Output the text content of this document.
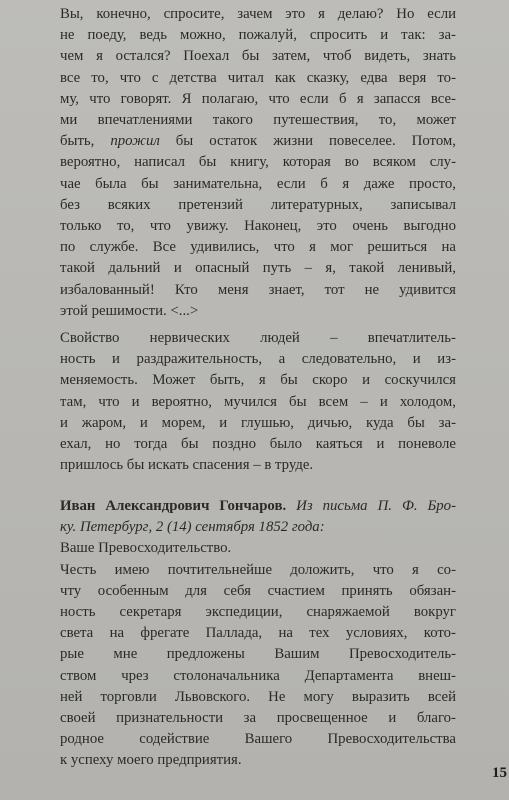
Вы, конечно, спросите, зачем это я делаю? Но если
не поеду, ведь можно, пожалуй, спросить и так: за-
чем я остался? Поехал бы затем, чтоб видеть, знать
все то, что с детства читал как сказку, едва веря то-
му, что говорят. Я полагаю, что если б я запасся все-
ми впечатлениями такого путешествия, то, может
быть, прожил бы остаток жизни повеселее. Потом,
вероятно, написал бы книгу, которая во всяком слу-
чае была бы занимательна, если б я даже просто,
без всяких претензий литературных, записывал
только то, что увижу. Наконец, это очень выгодно
по службе. Все удивились, что я мог решиться на
такой дальний и опасный путь – я, такой ленивый,
избалованный! Кто меня знает, тот не удивится
этой решимости. <...>
Свойство нервических людей – впечатлитель-
ность и раздражительность, а следовательно, и из-
меняемость. Может быть, я бы скоро и соскучился
там, что и вероятно, мучился бы всем – и холодом,
и жаром, и морем, и глушью, дичью, куда бы за-
ехал, но тогда бы поздно было каяться и поневоле
пришлось бы искать спасения – в труде.
Иван Александрович Гончаров. Из письма П. Ф. Бро-
ку. Петербург, 2 (14) сентября 1852 года:
Ваше Превосходительство.
Честь имею почтительнейше доложить, что я со-
чту особенным для себя счастием принять обязан-
ность секретаря экспедиции, снаряжаемой вокруг
света на фрегате Паллада, на тех условиях, кото-
рые мне предложены Вашим Превосходитель-
ством чрез столоначальника Департамента внеш-
ней торговли Львовского. Не могу выразить всей
своей признательности за просвещенное и благо-
родное содействие Вашего Превосходительства
к успеху моего предприятия.
15
